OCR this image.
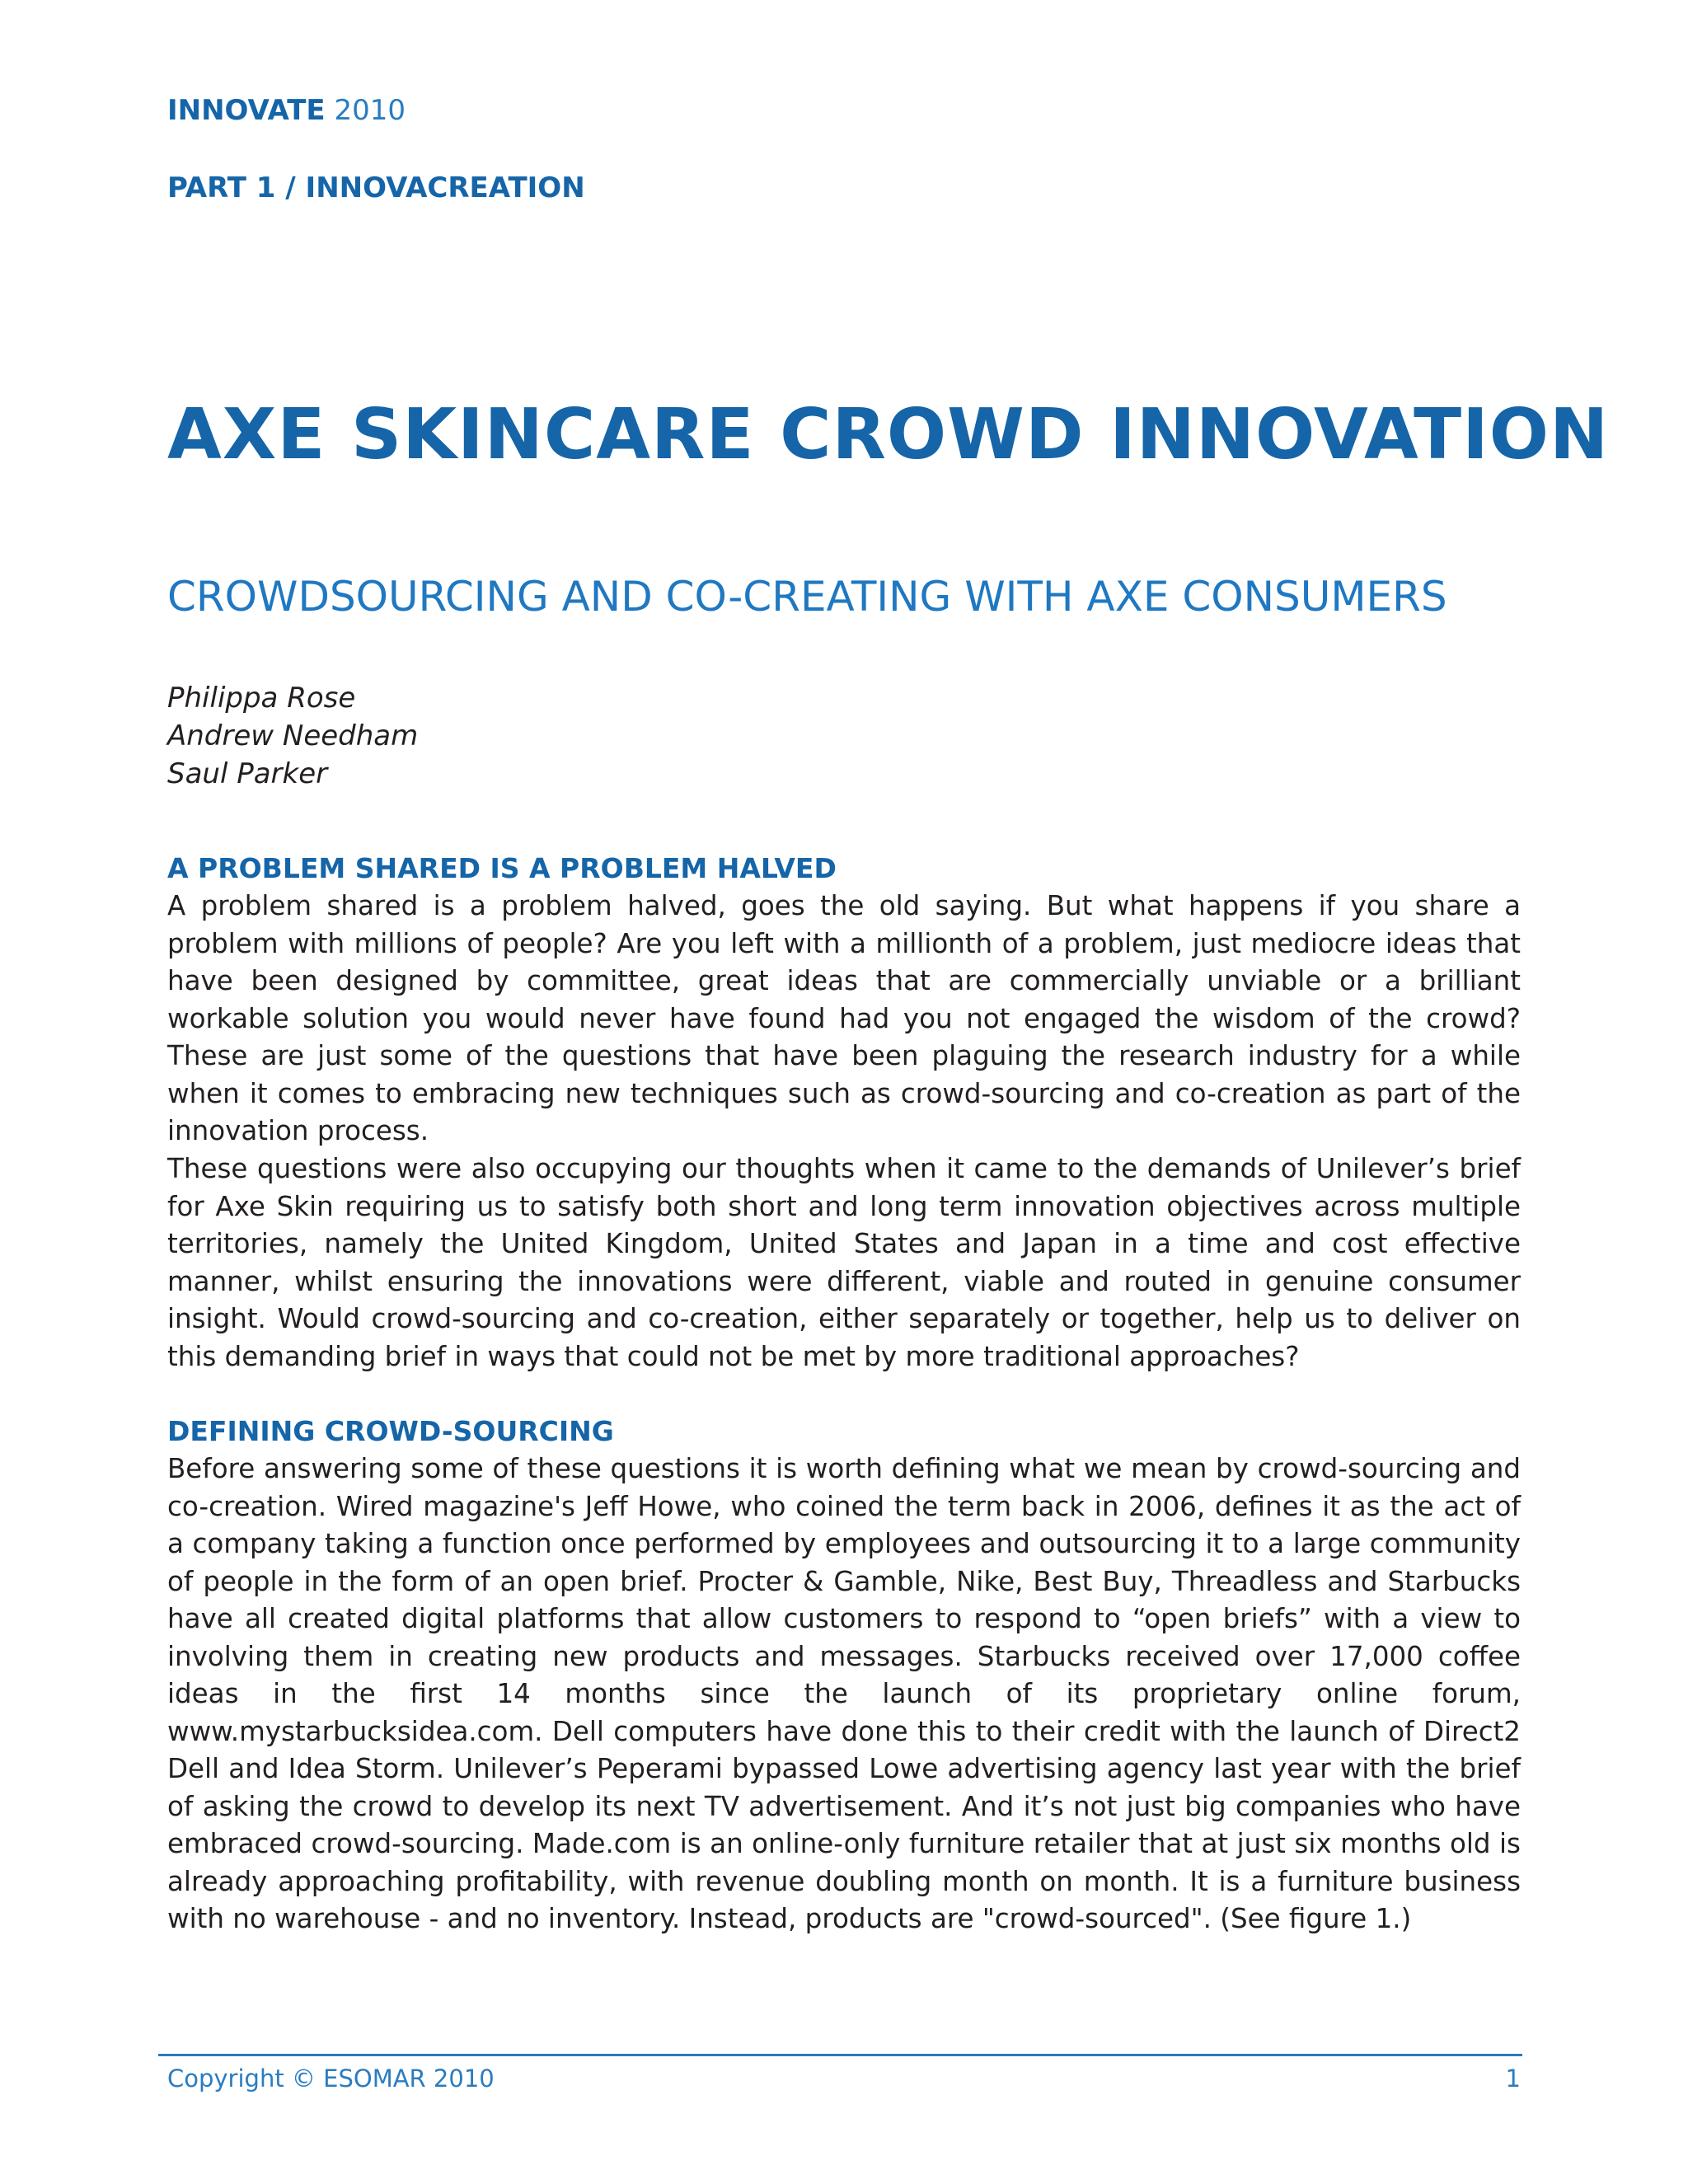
INNOVATE 2010
PART 1 / INNOVACREATION
AXE SKINCARE CROWD INNOVATION
CROWDSOURCING AND CO-CREATING WITH AXE CONSUMERS
Philippa Rose
Andrew Needham
Saul Parker
A PROBLEM SHARED IS A PROBLEM HALVED

A problem shared is a problem halved, goes the old saying. But what happens if you share a problem with millions of people? Are you left with a millionth of a problem, just mediocre ideas that have been designed by committee, great ideas that are commercially unviable or a brilliant workable solution you would never have found had you not engaged the wisdom of the crowd? These are just some of the questions that have been plaguing the research industry for a while when it comes to embracing new techniques such as crowd-sourcing and co-creation as part of the innovation process.

These questions were also occupying our thoughts when it came to the demands of Unilever’s brief for Axe Skin requiring us to satisfy both short and long term innovation objectives across multiple territories, namely the United Kingdom, United States and Japan in a time and cost effective manner, whilst ensuring the innovations were different, viable and routed in genuine consumer insight. Would crowd-sourcing and co-creation, either separately or together, help us to deliver on this demanding brief in ways that could not be met by more traditional approaches?

DEFINING CROWD-SOURCING

Before answering some of these questions it is worth defining what we mean by crowd-sourcing and co-creation. Wired magazine's Jeff Howe, who coined the term back in 2006, defines it as the act of a company taking a function once performed by employees and outsourcing it to a large community of people in the form of an open brief. Procter & Gamble, Nike, Best Buy, Threadless and Starbucks have all created digital platforms that allow customers to respond to “open briefs” with a view to involving them in creating new products and messages. Starbucks received over 17,000 coffee ideas in the first 14 months since the launch of its proprietary online forum, www.mystarbucksidea.com. Dell computers have done this to their credit with the launch of Direct2 Dell and Idea Storm. Unilever’s Peperami bypassed Lowe advertising agency last year with the brief of asking the crowd to develop its next TV advertisement. And it’s not just big companies who have embraced crowd-sourcing. Made.com is an online-only furniture retailer that at just six months old is already approaching profitability, with revenue doubling month on month. It is a furniture business with no warehouse - and no inventory. Instead, products are "crowd-sourced". (See figure 1.)

Copyright © ESOMAR 2010	1
